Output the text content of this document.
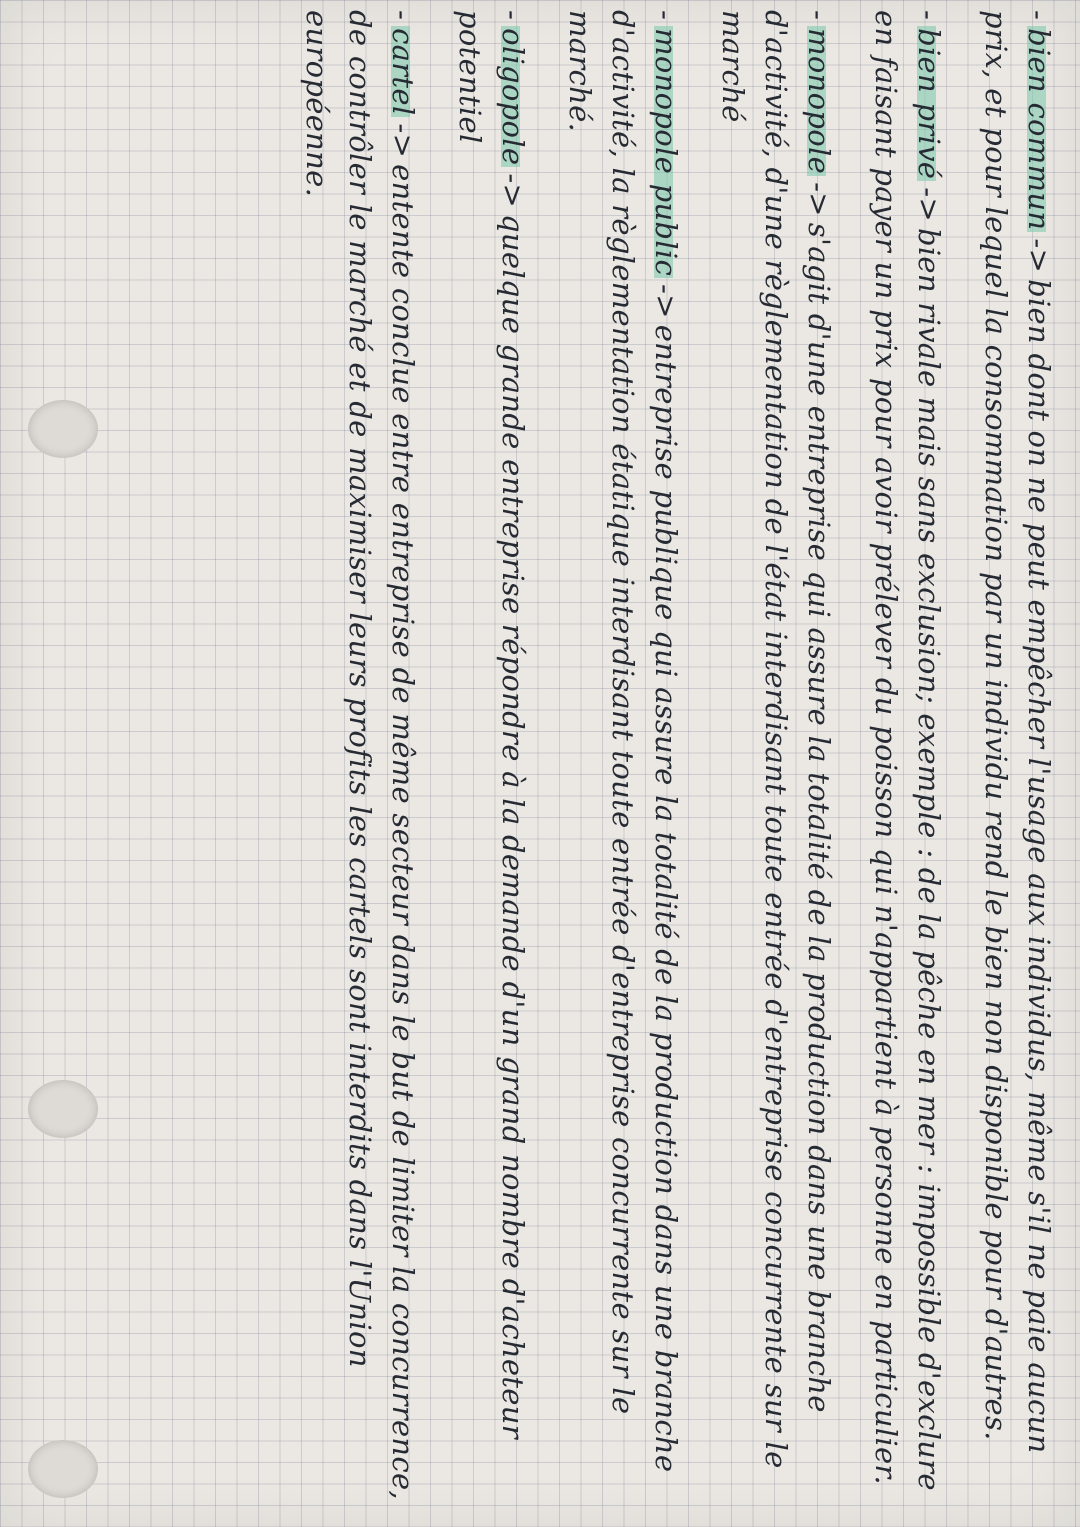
-bien commun->bien dont on ne peut empêcher l'usage aux individus, même s'il ne paie aucun prix, et pour lequel la consommation par un individu rend le bien non disponible pour d'autres.

-bien privé->bien rivale mais sans exclusion; exemple : de la pêche en mer : impossible d'exclure en faisant payer un prix pour avoir prélever du poisson qui n'appartient à personne en particulier.

-monopole->s'agit d'une entreprise qui assure la totalité de la production dans une branche d'activité, d'une règlementation de l'état interdisant toute entrée d'entreprise concurrente sur le marché

-monopole public->entreprise publique qui assure la totalité de la production dans une branche d'activité, la règlementation étatique interdisant toute entrée d'entreprise concurrente sur le marché.

-oligopole->quelque grande entreprise répondre à la demande d'un grand nombre d'acheteur potentiel

-cartel->entente conclue entre entreprise de même secteur dans le but de limiter la concurrence, de contrôler le marché et de maximiser leurs profits les cartels sont interdits dans l'Union européenne.
